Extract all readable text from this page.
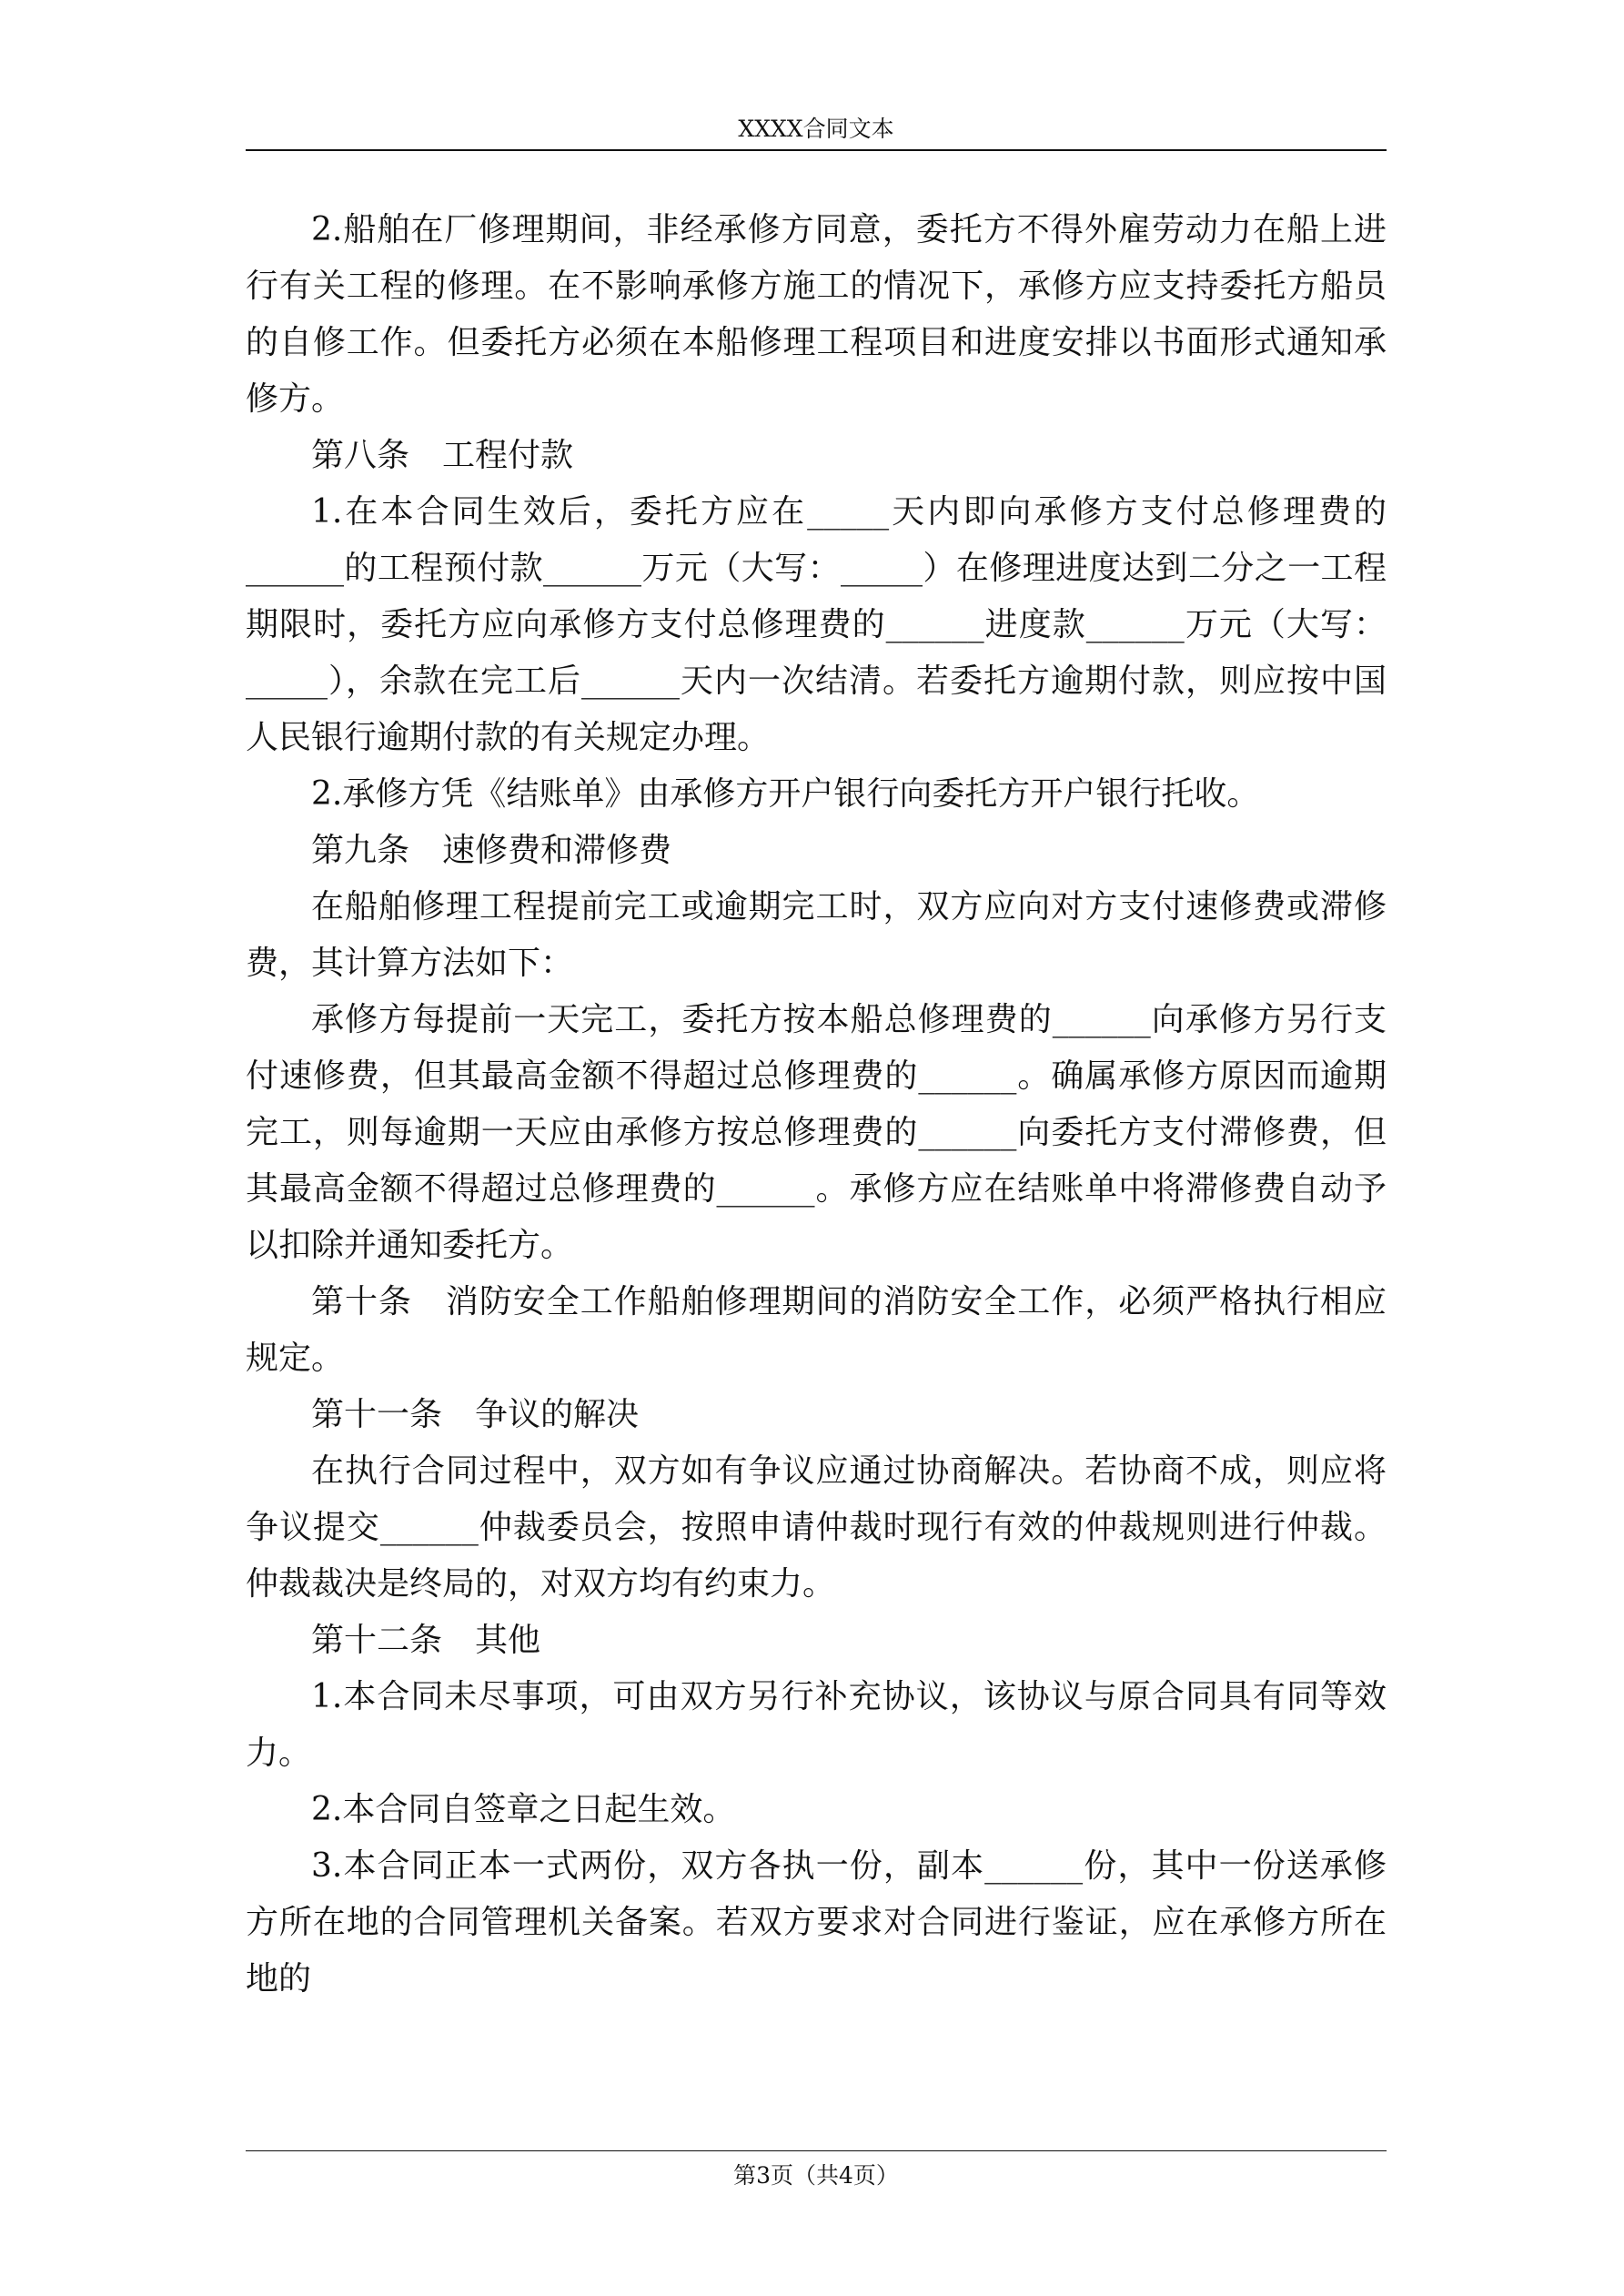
XXXX合同文本

2.船舶在厂修理期间，非经承修方同意，委托方不得外雇劳动力在船上进行有关工程的修理。在不影响承修方施工的情况下，承修方应支持委托方船员的自修工作。但委托方必须在本船修理工程项目和进度安排以书面形式通知承修方。

第八条　工程付款

1.在本合同生效后，委托方应在_____天内即向承修方支付总修理费的______的工程预付款______万元（大写：_____）在修理进度达到二分之一工程期限时，委托方应向承修方支付总修理费的______进度款______万元（大写：_____），余款在完工后______天内一次结清。若委托方逾期付款，则应按中国人民银行逾期付款的有关规定办理。

2.承修方凭《结账单》由承修方开户银行向委托方开户银行托收。

第九条　速修费和滞修费

在船舶修理工程提前完工或逾期完工时，双方应向对方支付速修费或滞修费，其计算方法如下：

承修方每提前一天完工，委托方按本船总修理费的______向承修方另行支付速修费，但其最高金额不得超过总修理费的______。确属承修方原因而逾期完工，则每逾期一天应由承修方按总修理费的______向委托方支付滞修费，但其最高金额不得超过总修理费的______。承修方应在结账单中将滞修费自动予以扣除并通知委托方。

第十条　消防安全工作船舶修理期间的消防安全工作，必须严格执行相应规定。

第十一条　争议的解决

在执行合同过程中，双方如有争议应通过协商解决。若协商不成，则应将争议提交______仲裁委员会，按照申请仲裁时现行有效的仲裁规则进行仲裁。仲裁裁决是终局的，对双方均有约束力。

第十二条　其他

1.本合同未尽事项，可由双方另行补充协议，该协议与原合同具有同等效力。

2.本合同自签章之日起生效。

3.本合同正本一式两份，双方各执一份，副本______份，其中一份送承修方所在地的合同管理机关备案。若双方要求对合同进行鉴证，应在承修方所在地的

第3页（共4页）
